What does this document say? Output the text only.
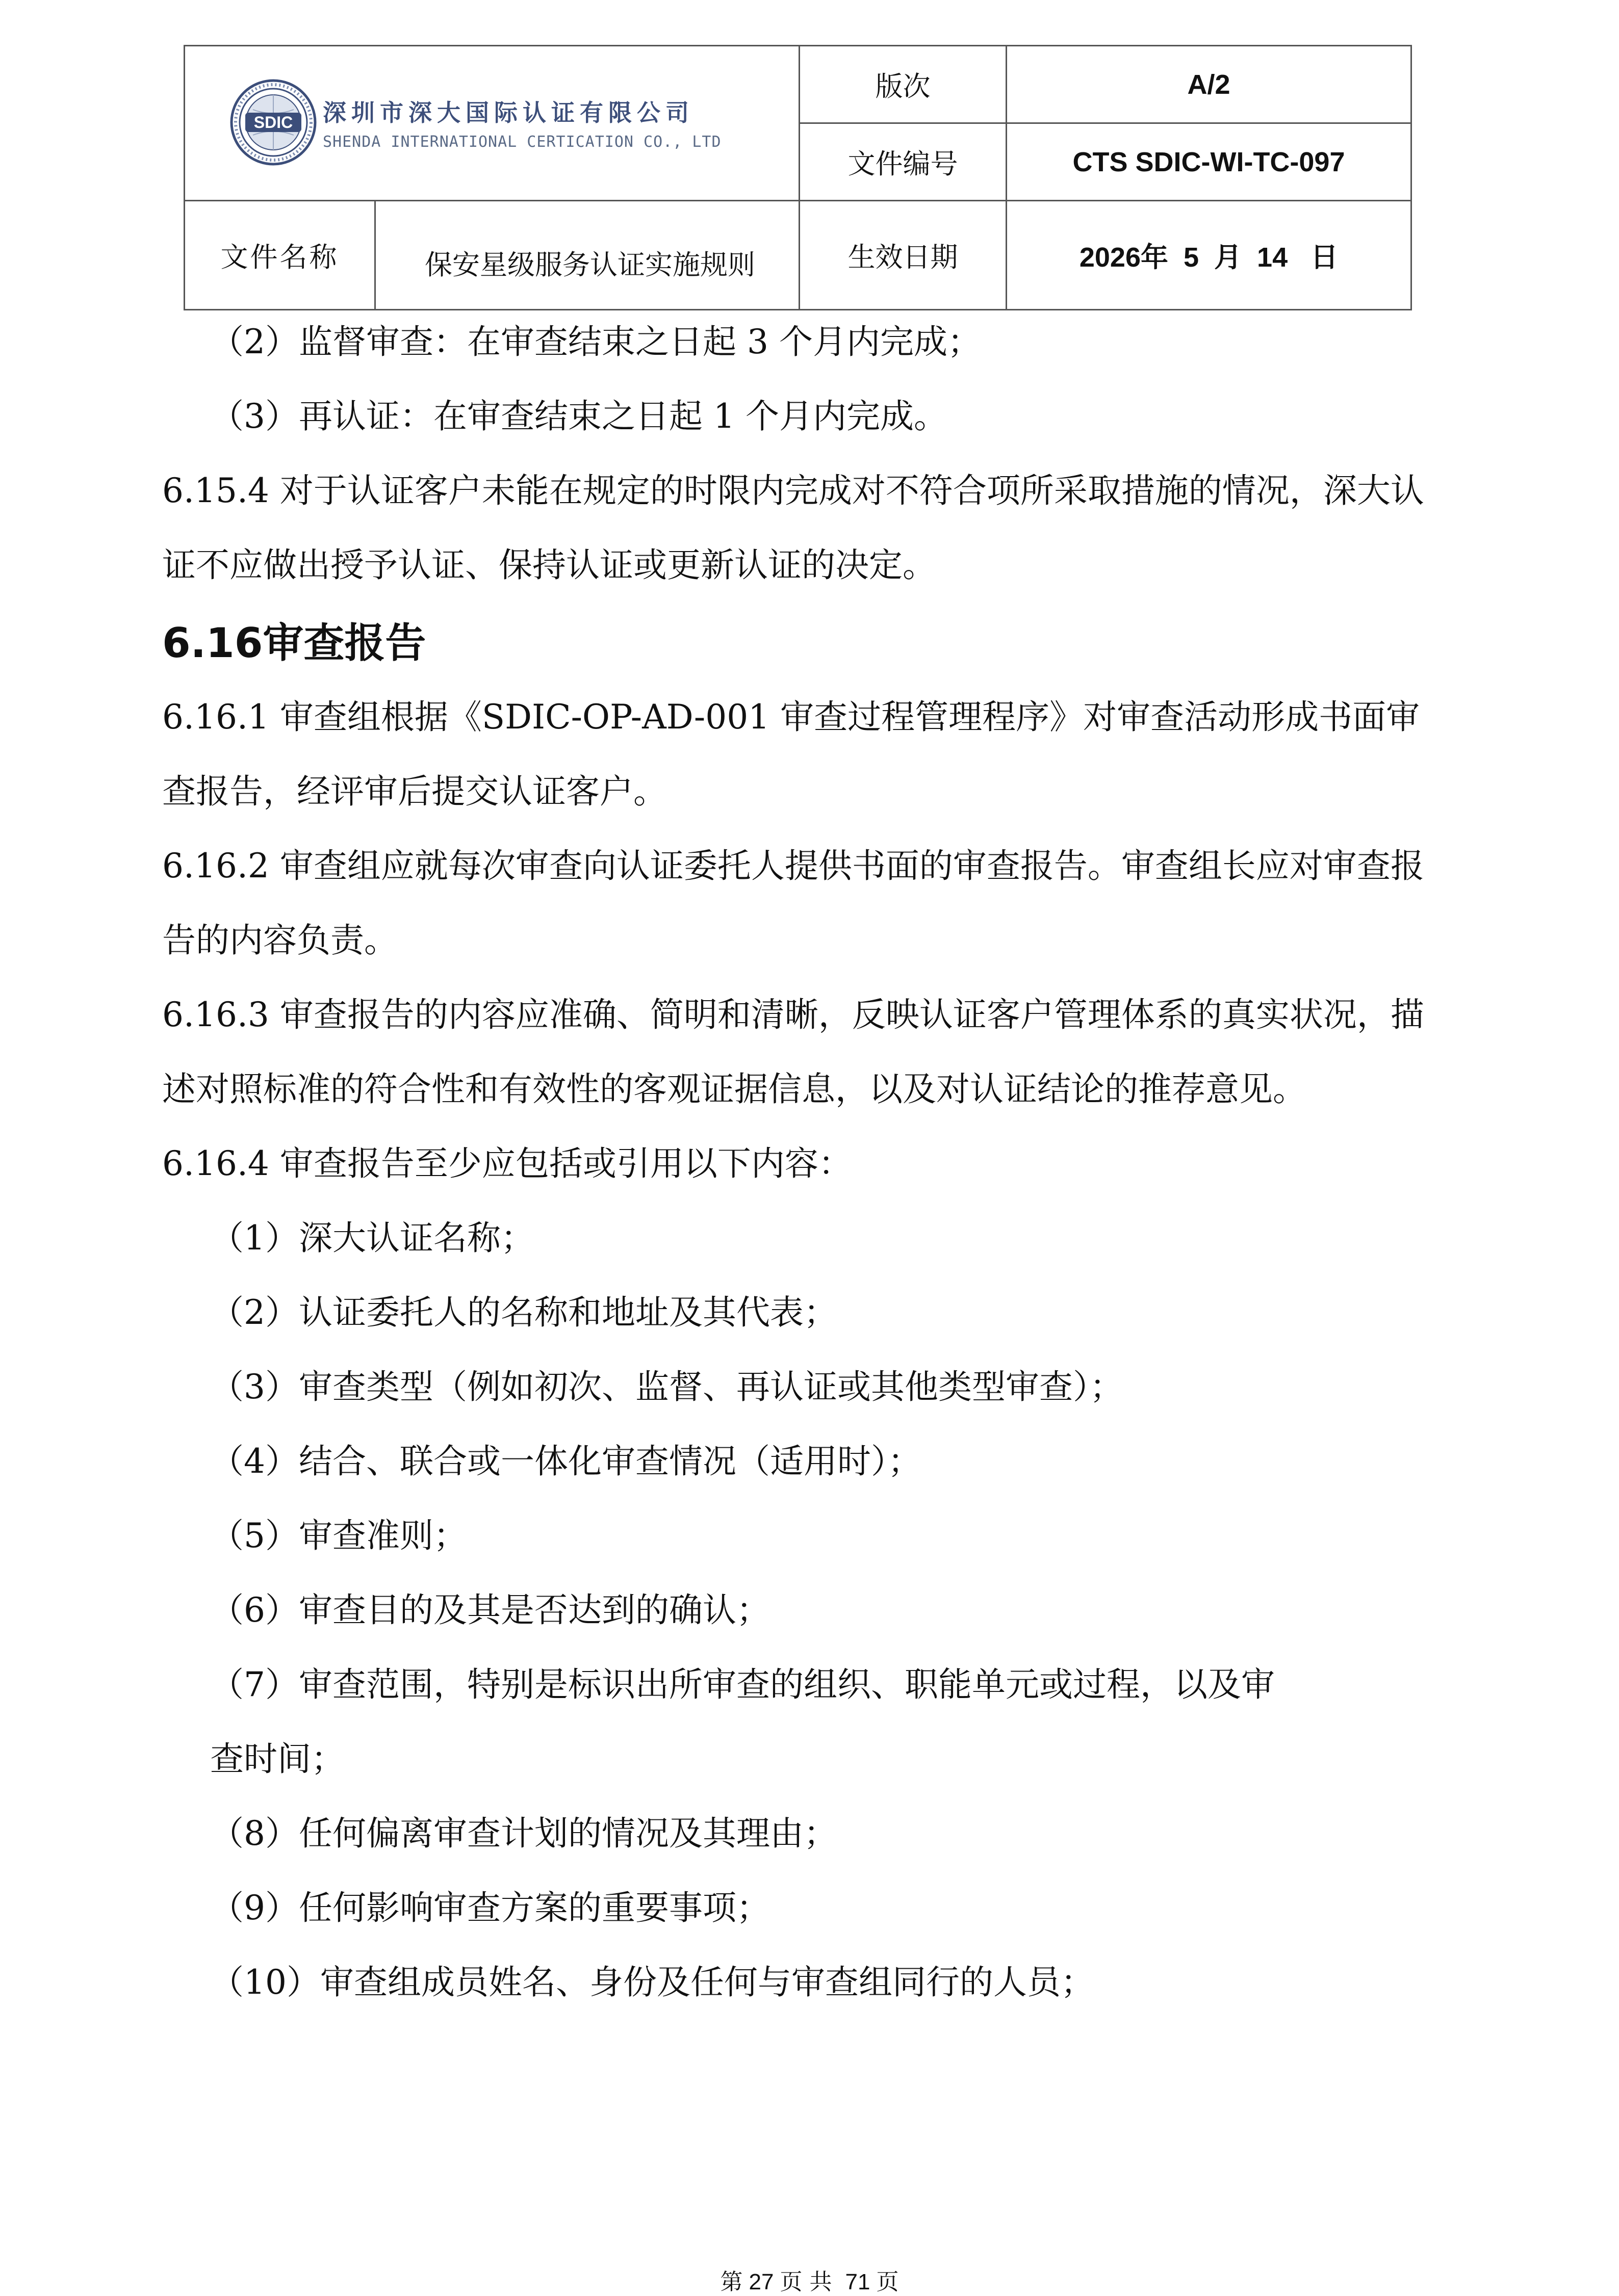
SDIC 深圳市深大国际认证有限公司
SHENDA INTERNATIONAL CERTICATION CO., LTD		版次	A/2
		文件编号	CTS SDIC-WI-TC-097
文件名称	保安星级服务认证实施规则	生效日期	2026年  5  月  14   日

（2）监督审查：在审查结束之日起 3 个月内完成；

（3）再认证：在审查结束之日起 1 个月内完成。

6.15.4 对于认证客户未能在规定的时限内完成对不符合项所采取措施的情况，深大认证不应做出授予认证、保持认证或更新认证的决定。

6.16审查报告

6.16.1 审查组根据《SDIC-OP-AD-001 审查过程管理程序》对审查活动形成书面审查报告，经评审后提交认证客户。

6.16.2 审查组应就每次审查向认证委托人提供书面的审查报告。审查组长应对审查报告的内容负责。

6.16.3 审查报告的内容应准确、简明和清晰，反映认证客户管理体系的真实状况，描述对照标准的符合性和有效性的客观证据信息，以及对认证结论的推荐意见。

6.16.4 审查报告至少应包括或引用以下内容：

（1）深大认证名称；

（2）认证委托人的名称和地址及其代表；

（3）审查类型（例如初次、监督、再认证或其他类型审查）；

（4）结合、联合或一体化审查情况（适用时）；

（5）审查准则；

（6）审查目的及其是否达到的确认；

（7）审查范围，特别是标识出所审查的组织、职能单元或过程，以及审

查时间；

（8）任何偏离审查计划的情况及其理由；

（9）任何影响审查方案的重要事项；

（10）审查组成员姓名、身份及任何与审查组同行的人员；

第 27 页 共 71 页
